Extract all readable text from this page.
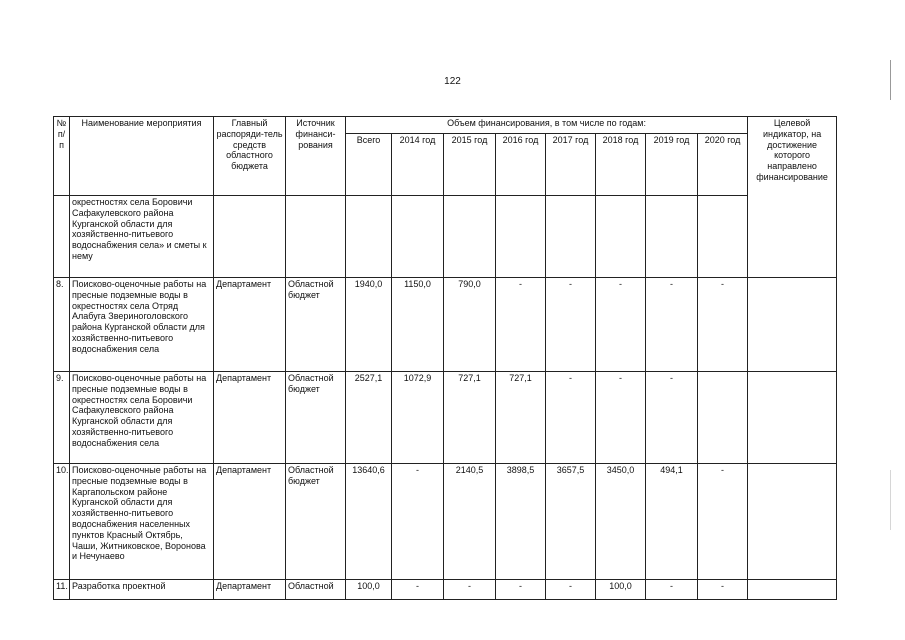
122
№ п/п	Наименование мероприятия	Главный распоряди-тель средств областного бюджета	Источник финанси-рования	Объем финансирования, в том числе по годам:								Целевой индикатор, на достижение которого направлено финансирование
				Всего	2014 год	2015 год	2016 год	2017 год	2018 год	2019 год	2020 год	
	окрестностях села Боровичи Сафакулевского района Курганской области для хозяйственно-питьевого водоснабжения села» и сметы к нему											
8.	Поисково-оценочные работы на пресные подземные воды в окрестностях села Отряд Алабуга Звериноголовского района Курганской области для хозяйственно-питьевого водоснабжения села	Департамент	Областной бюджет	1940,0	1150,0	790,0	-	-	-	-	-	
9.	Поисково-оценочные работы на пресные подземные воды в окрестностях села Боровичи Сафакулевского района Курганской области для хозяйственно-питьевого водоснабжения села	Департамент	Областной бюджет	2527,1	1072,9	727,1	727,1	-	-	-		
10.	Поисково-оценочные работы на пресные подземные воды в Каргапольском районе Курганской области для хозяйственно-питьевого водоснабжения населенных пунктов Красный Октябрь, Чаши, Житниковское, Воронова и Нечунаево	Департамент	Областной бюджет	13640,6	-	2140,5	3898,5	3657,5	3450,0	494,1	-	
11.	Разработка проектной	Департамент	Областной	100,0	-	-	-	-	100,0	-	-	
